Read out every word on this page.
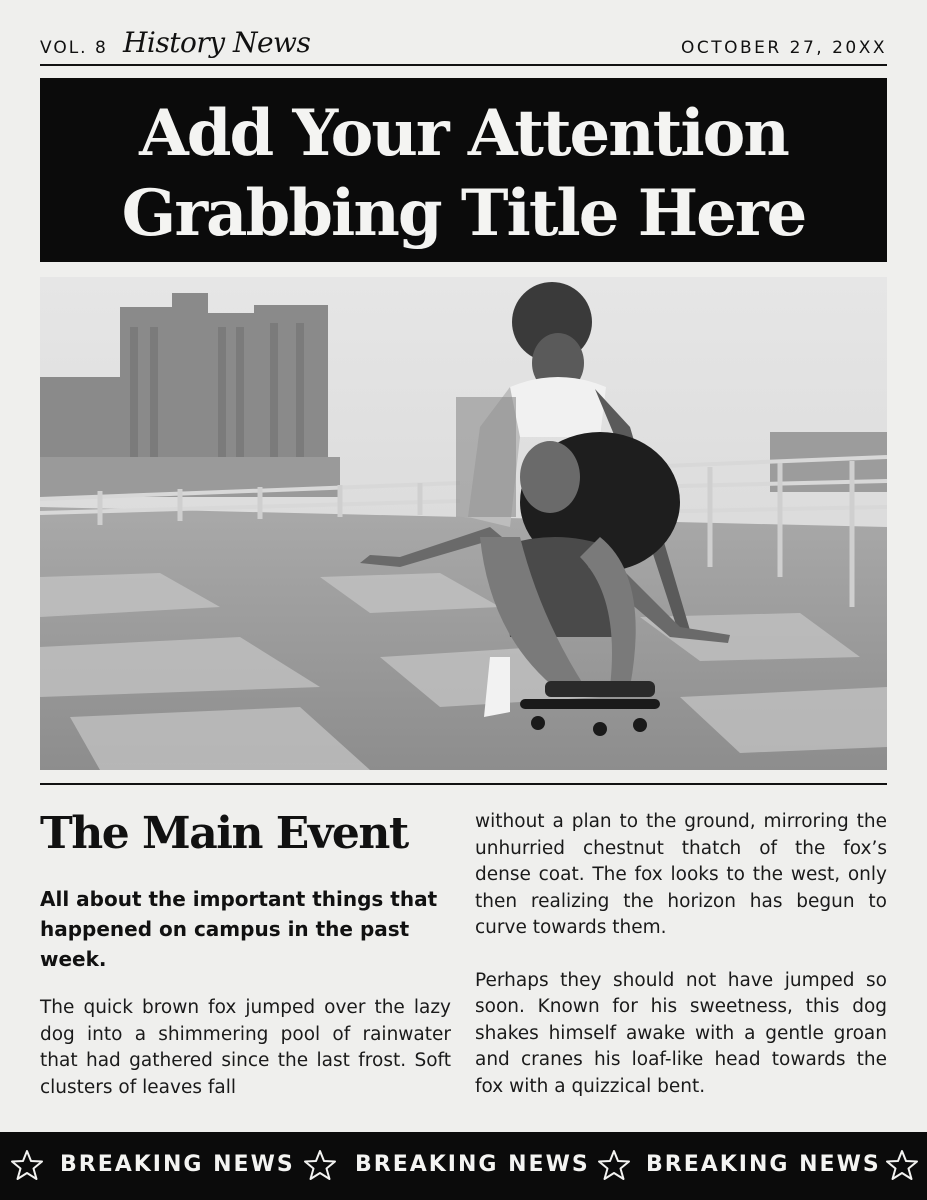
VOL. 8 History News	OCTOBER 27, 20XX
Add Your Attention
Grabbing Title Here
The Main Event
All about the important things that happened on campus in the past week.
The quick brown fox jumped over the lazy dog into a shimmering pool of rainwater that had gathered since the last frost. Soft clusters of leaves fall

without a plan to the ground, mirroring the unhurried chestnut thatch of the fox’s dense coat. The fox looks to the west, only then realizing the horizon has begun to curve towards them.

Perhaps they should not have jumped so soon. Known for his sweetness, this dog shakes himself awake with a gentle groan and cranes his loaf-like head towards the fox with a quizzical bent.

BREAKING NEWS	BREAKING NEWS	BREAKING NEWS
